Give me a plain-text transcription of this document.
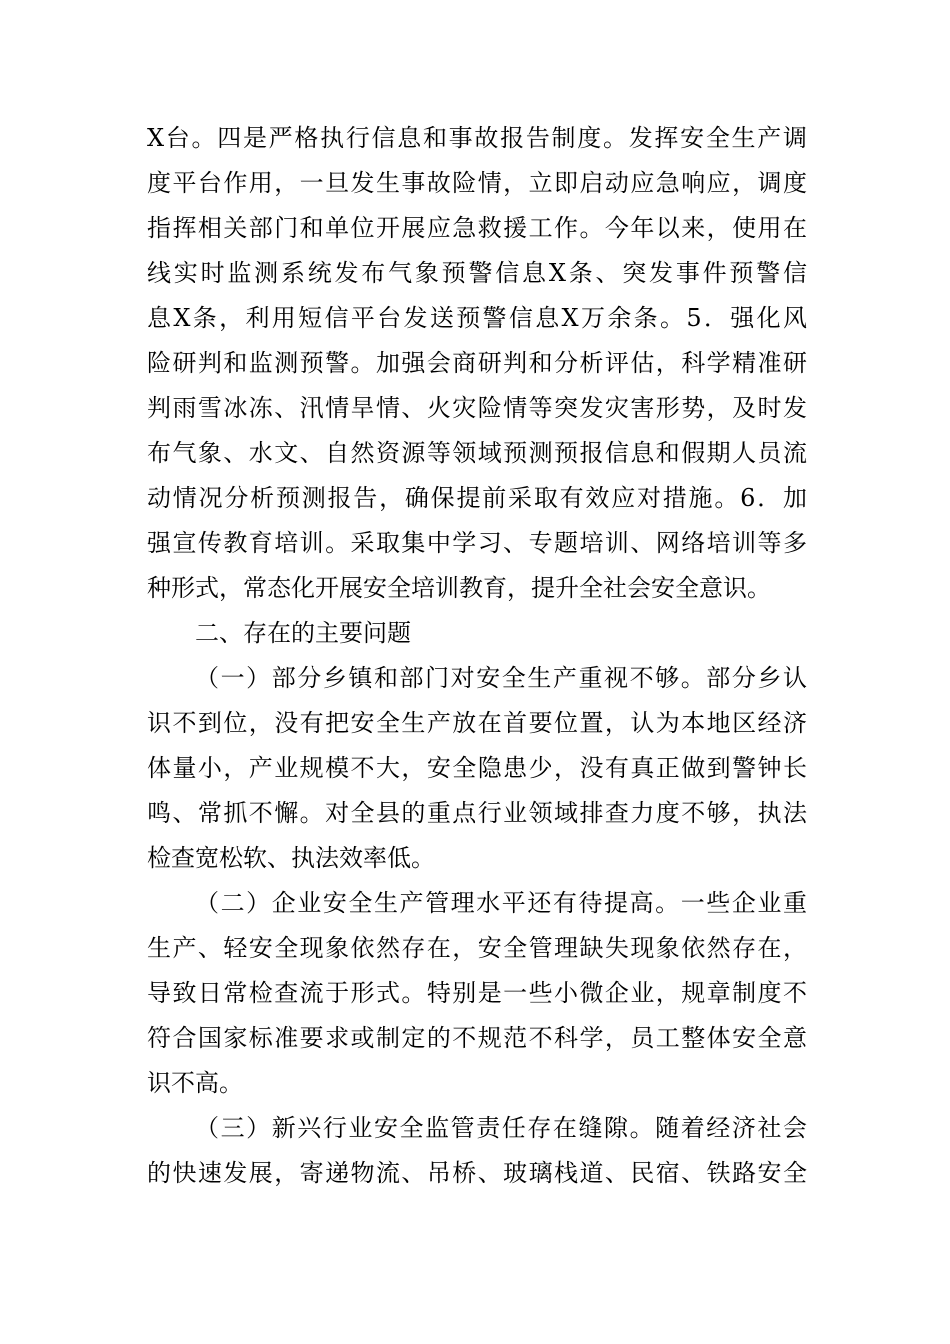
X台。四是严格执行信息和事故报告制度。发挥安全生产调
度平台作用，一旦发生事故险情，立即启动应急响应，调度
指挥相关部门和单位开展应急救援工作。今年以来，使用在
线实时监测系统发布气象预警信息X条、突发事件预警信
息X条，利用短信平台发送预警信息X万余条。5．强化风
险研判和监测预警。加强会商研判和分析评估，科学精准研
判雨雪冰冻、汛情旱情、火灾险情等突发灾害形势，及时发
布气象、水文、自然资源等领域预测预报信息和假期人员流
动情况分析预测报告，确保提前采取有效应对措施。6．加
强宣传教育培训。采取集中学习、专题培训、网络培训等多
种形式，常态化开展安全培训教育，提升全社会安全意识。
二、存在的主要问题
（一）部分乡镇和部门对安全生产重视不够。部分乡认
识不到位，没有把安全生产放在首要位置，认为本地区经济
体量小，产业规模不大，安全隐患少，没有真正做到警钟长
鸣、常抓不懈。对全县的重点行业领域排查力度不够，执法
检查宽松软、执法效率低。
（二）企业安全生产管理水平还有待提高。一些企业重
生产、轻安全现象依然存在，安全管理缺失现象依然存在，
导致日常检查流于形式。特别是一些小微企业，规章制度不
符合国家标准要求或制定的不规范不科学，员工整体安全意
识不高。
（三）新兴行业安全监管责任存在缝隙。随着经济社会
的快速发展，寄递物流、吊桥、玻璃栈道、民宿、铁路安全
